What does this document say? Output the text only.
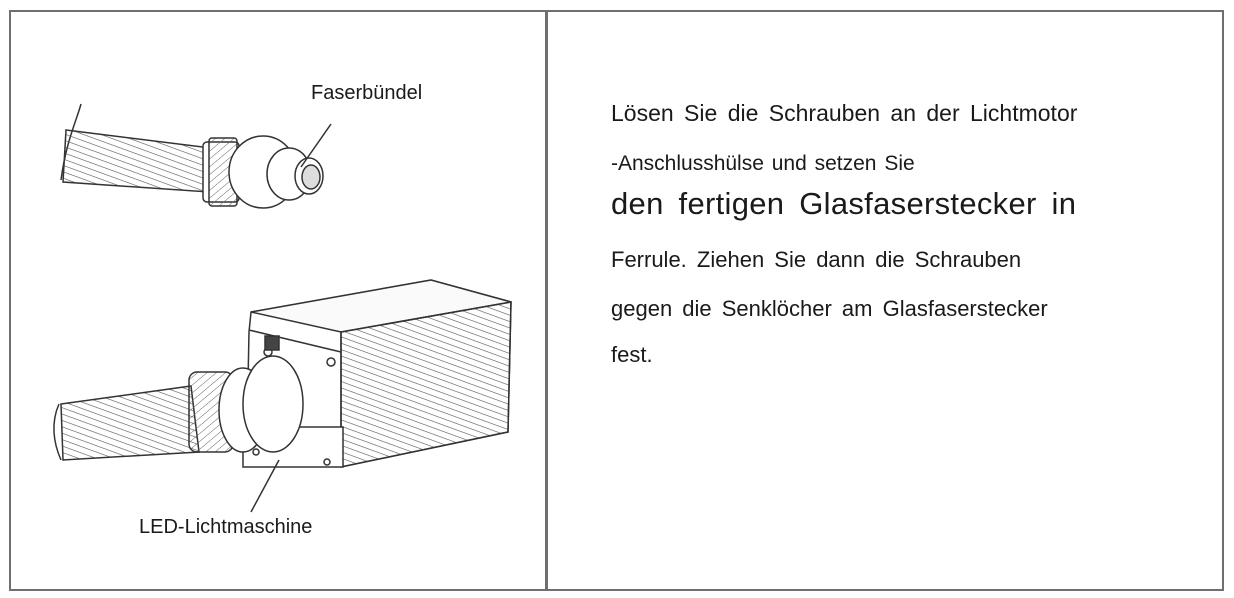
Faserbündel
LED-Lichtmaschine
Lösen Sie die Schrauben an der Lichtmotor
-Anschlusshülse und setzen Sie
den fertigen Glasfaserstecker in
Ferrule. Ziehen Sie dann die Schrauben
gegen die Senklöcher am Glasfaserstecker
fest.
